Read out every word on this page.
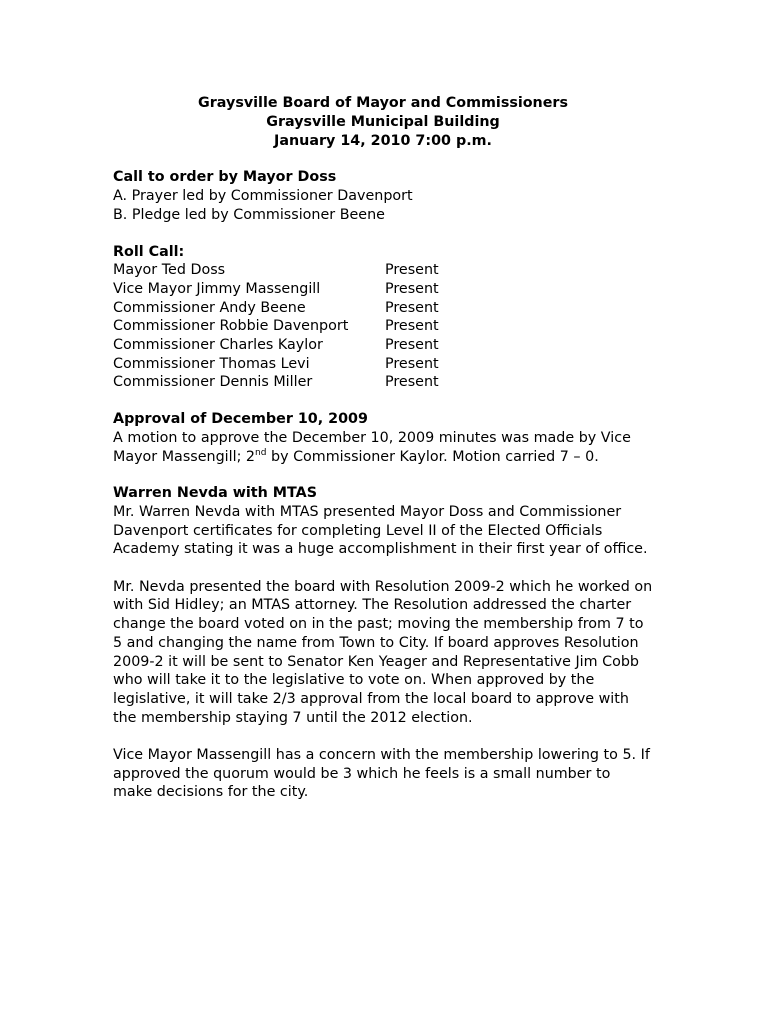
Graysville Board of Mayor and Commissioners
Graysville Municipal Building
January 14, 2010 7:00 p.m.
Call to order by Mayor Doss
A. Prayer led by Commissioner Davenport
B. Pledge led by Commissioner Beene
Roll Call:
Mayor Ted Doss	Present
Vice Mayor Jimmy Massengill	Present
Commissioner Andy Beene	Present
Commissioner Robbie Davenport	Present
Commissioner Charles Kaylor	Present
Commissioner Thomas Levi	Present
Commissioner Dennis Miller	Present
Approval of December 10, 2009

A motion to approve the December 10, 2009 minutes was made by Vice Mayor Massengill; 2nd by Commissioner Kaylor. Motion carried 7 – 0.

Warren Nevda with MTAS

Mr. Warren Nevda with MTAS presented Mayor Doss and Commissioner Davenport certificates for completing Level II of the Elected Officials Academy stating it was a huge accomplishment in their first year of office.

Mr. Nevda presented the board with Resolution 2009-2 which he worked on with Sid Hidley; an MTAS attorney. The Resolution addressed the charter change the board voted on in the past; moving the membership from 7 to 5 and changing the name from Town to City. If board approves Resolution 2009-2 it will be sent to Senator Ken Yeager and Representative Jim Cobb who will take it to the legislative to vote on. When approved by the legislative, it will take 2/3 approval from the local board to approve with the membership staying 7 until the 2012 election.

Vice Mayor Massengill has a concern with the membership lowering to 5. If approved the quorum would be 3 which he feels is a small number to make decisions for the city.
